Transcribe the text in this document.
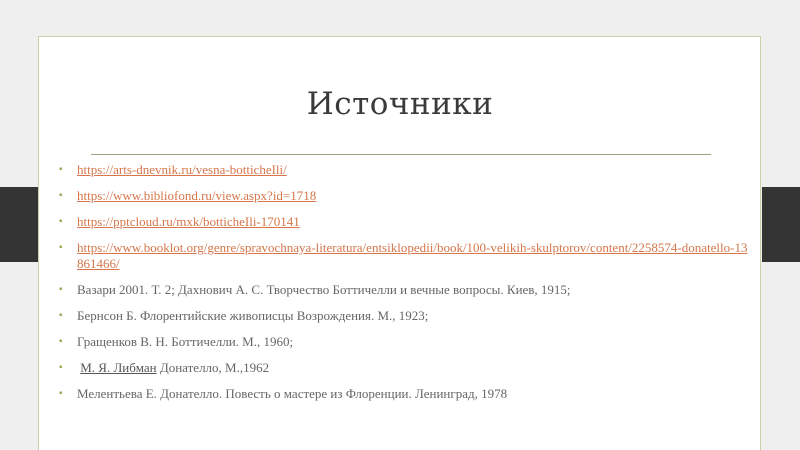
Источники
▪
https://arts-dnevnik.ru/vesna-botticheIli/
▪
https://www.bibliofond.ru/view.aspx?id=1718
▪
https://pptcloud.ru/mxk/botticheIli-170141
▪
https://www.booklot.org/genre/spravochnaya-literatura/entsiklopedii/book/100-velikih-skulptorov/content/2258574-donatello-13861466/
▪
Вазари 2001. Т. 2; Дахнович А. С. Творчество Боттичелли и вечные вопросы. Киев, 1915;
▪
Бернсон Б. Флорентийские живописцы Возрождения. М., 1923;
▪
Гращенков В. Н. Боттичелли. М., 1960;
▪
М. Я. Либман Донателло, М.,1962
▪
Мелентьева Е. Донателло. Повесть о мастере из Флоренции. Ленинград, 1978
